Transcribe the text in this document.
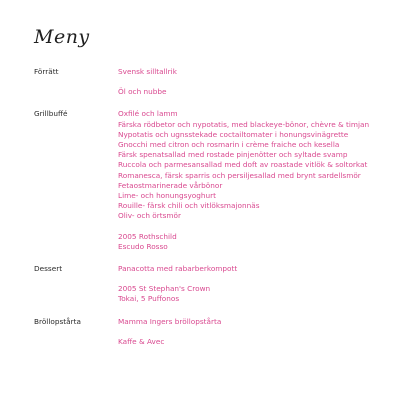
Meny
Förrätt	Svensk silltallrik
Öl och nubbe
Grillbuffé	Oxfilé och lamm
Färska rödbetor och nypotatis, med blackeye-bönor, chèvre & timjan
Nypotatis och ugnsstekade coctailtomater i honungsvinägrette
Gnocchi med citron och rosmarin i crème fraiche och kesella
Färsk spenatsallad med rostade pinjenötter och syltade svamp
Ruccola och parmesansallad med doft av roastade vitlök & soltorkat
Romanesca, färsk sparris och persiljesallad med brynt sardellsmör
Fetaostmarinerade vårbönor
Lime- och honungsyoghurt
Rouille- färsk chili och vitlöksmajonnäs
Oliv- och örtsmör
2005 Rothschild
Escudo Rosso
Dessert	Panacotta med rabarberkompott
2005 St Stephan's Crown
Tokai, 5 Puffonos
Bröllopstårta	Mamma Ingers bröllopstårta
Kaffe & Avec
